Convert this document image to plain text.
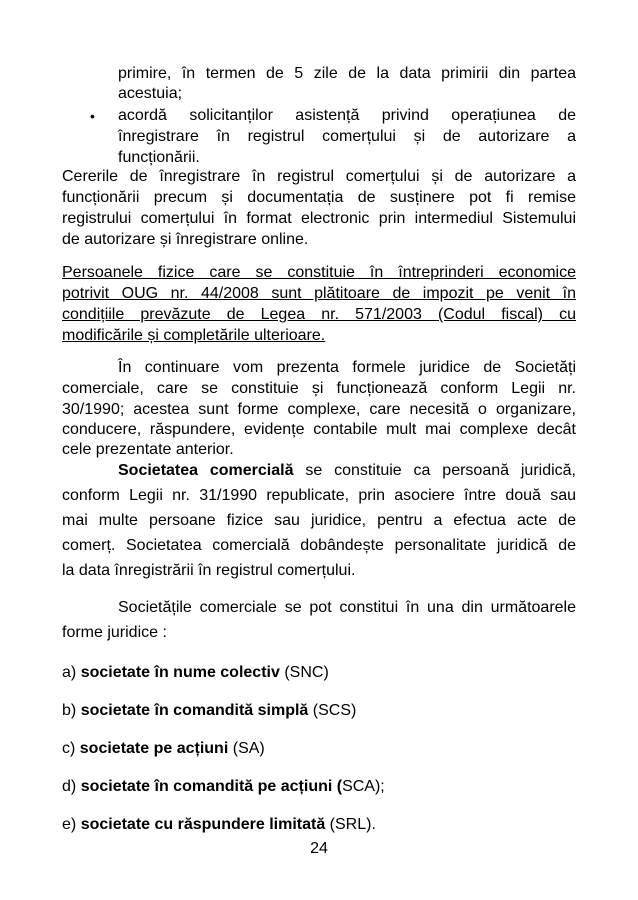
primire, în termen de 5 zile de la data primirii din partea
acestuia;
•	acordă solicitanților asistență privind operațiunea de
înregistrare în registrul comerțului și de autorizare a
funcționării.
Cererile de înregistrare în registrul comerțului și de autorizare a
funcționării precum și documentația de susținere pot fi remise
registrului comerțului în format electronic prin intermediul Sistemului
de autorizare și înregistrare online.
Persoanele fizice care se constituie în întreprinderi economice
potrivit OUG nr. 44/2008 sunt plătitoare de impozit pe venit în
condițiile prevăzute de Legea nr. 571/2003 (Codul fiscal) cu
modificările și completările ulterioare.
În continuare vom prezenta formele juridice de Societăți
comerciale, care se constituie și funcționează conform Legii nr.
30/1990; acestea sunt forme complexe, care necesită o organizare,
conducere, răspundere, evidențe contabile mult mai complexe decât
cele prezentate anterior.
Societatea comercială se constituie ca persoană juridică,
conform Legii nr. 31/1990 republicate, prin asociere între două sau
mai multe persoane fizice sau juridice, pentru a efectua acte de
comerț. Societatea comercială dobândește personalitate juridică de
la data înregistrării în registrul comerțului.
Societățile comerciale se pot constitui în una din următoarele
forme juridice :
a) societate în nume colectiv (SNC)
b) societate în comandită simplă (SCS)
c) societate pe acțiuni (SA)
d) societate în comandită pe acțiuni (SCA);
e) societate cu răspundere limitată (SRL).
24
